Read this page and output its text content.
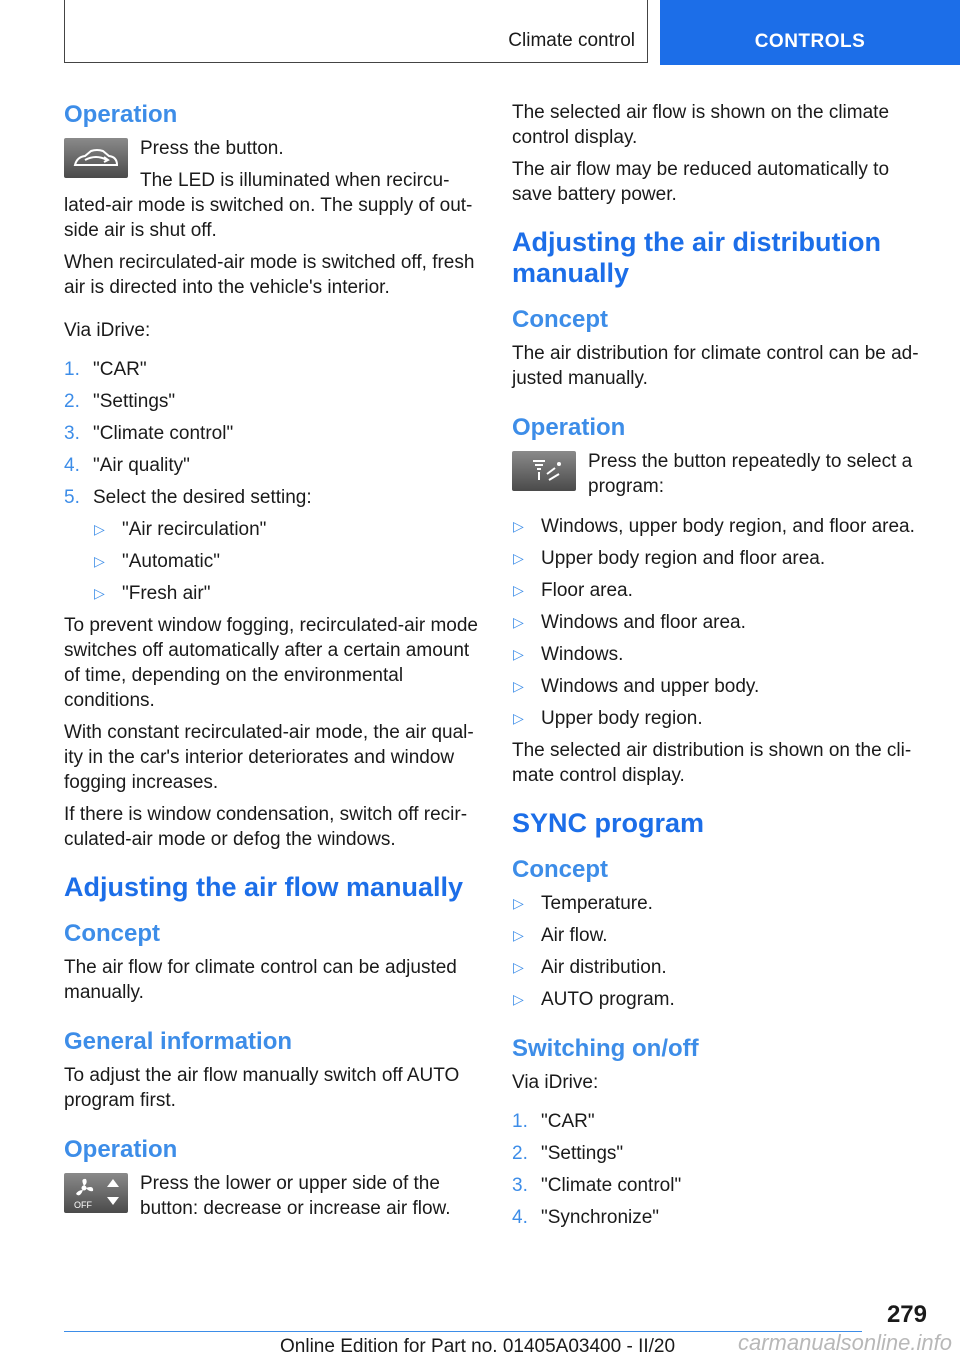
Climate control	CONTROLS
Operation

Press the button.

The LED is illuminated when recircu‐lated-air mode is switched on. The supply of out‐side air is shut off.

When recirculated-air mode is switched off, fresh air is directed into the vehicle's interior.

Via iDrive:

1. "CAR"
2. "Settings"
3. "Climate control"
4. "Air quality"
5. Select the desired setting:
▷ "Air recirculation"
▷ "Automatic"
▷ "Fresh air"

To prevent window fogging, recirculated-air mode switches off automatically after a certain amount of time, depending on the environmental conditions.

With constant recirculated-air mode, the air qual‐ity in the car's interior deteriorates and window fogging increases.

If there is window condensation, switch off recir‐culated-air mode or defog the windows.

Adjusting the air flow manually
Concept

The air flow for climate control can be adjusted manually.

General information

To adjust the air flow manually switch off AUTO program first.

Operation
OFF

Press the lower or upper side of the button: decrease or increase air flow.

The selected air flow is shown on the climate control display.

The air flow may be reduced automatically to save battery power.

Adjusting the air distribution manually
Concept

The air distribution for climate control can be ad‐justed manually.

Operation

Press the button repeatedly to select a program:

▷ Windows, upper body region, and floor area.
▷ Upper body region and floor area.
▷ Floor area.
▷ Windows and floor area.
▷ Windows.
▷ Windows and upper body.
▷ Upper body region.

The selected air distribution is shown on the cli‐mate control display.

SYNC program
Concept
▷ Temperature.
▷ Air flow.
▷ Air distribution.
▷ AUTO program.
Switching on/off

Via iDrive:

1. "CAR"
2. "Settings"
3. "Climate control"
4. "Synchronize"
279
Online Edition for Part no. 01405A03400 - II/20	carmanualsonline.info
